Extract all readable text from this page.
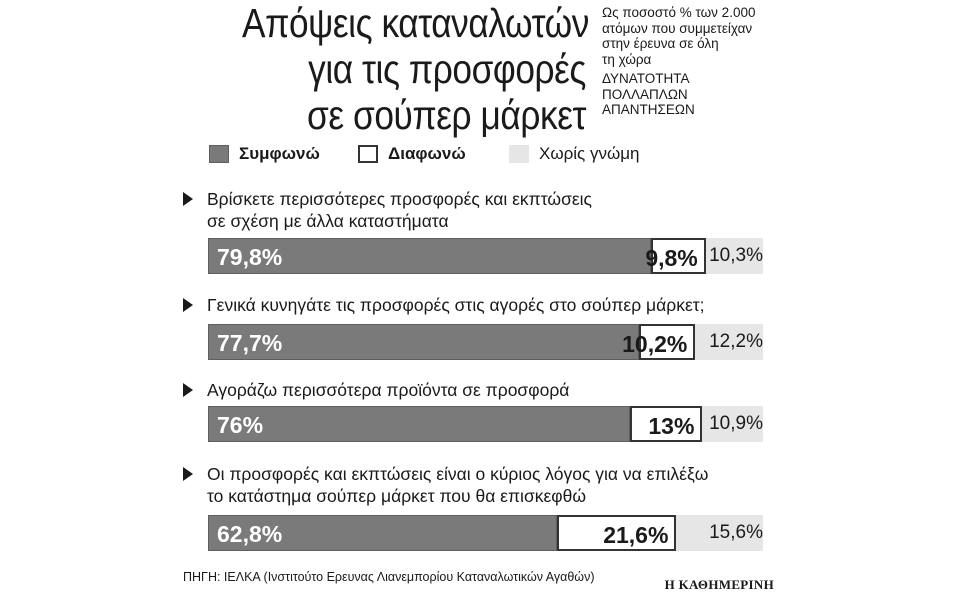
Απόψεις καταναλωτών
για τις προσφορές
σε σούπερ μάρκετ
Ως ποσοστό % των 2.000
ατόμων που συμμετείχαν
στην έρευνα σε όλη
τη χώρα
ΔΥΝΑΤΟΤΗΤΑ
ΠΟΛΛΑΠΛΩΝ
ΑΠΑΝΤΗΣΕΩΝ
Συμφωνώ	Διαφωνώ	Χωρίς γνώμη
Βρίσκετε περισσότερες προσφορές και εκπτώσεις
σε σχέση με άλλα καταστήματα
79,8%	9,8% 10,3%
Γενικά κυνηγάτε τις προσφορές στις αγορές στο σούπερ μάρκετ;
77,7%	10,2% 12,2%
Αγοράζω περισσότερα προϊόντα σε προσφορά
76%	13% 10,9%
Οι προσφορές και εκπτώσεις είναι ο κύριος λόγος για να επιλέξω
το κατάστημα σούπερ μάρκετ που θα επισκεφθώ
62,8%	21,6% 15,6%
ΠΗΓΗ: ΙΕΛΚΑ (Ινστιτούτο Ερευνας Λιανεμπορίου Καταναλωτικών Αγαθών)	Η ΚΑΘΗΜΕΡΙΝΗ
